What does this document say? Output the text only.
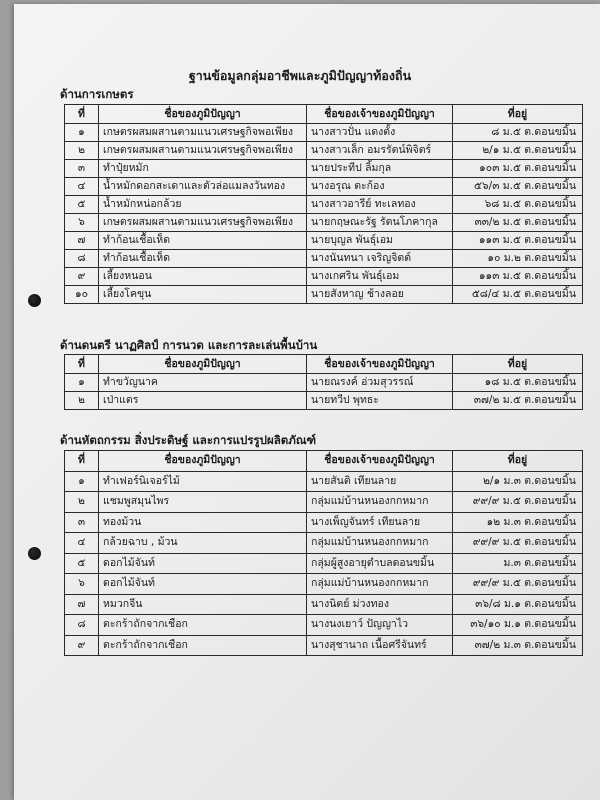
ฐานข้อมูลกลุ่มอาชีพและภูมิปัญญาท้องถิ่น
ด้านการเกษตร
ที่	ชื่อของภูมิปัญญา	ชื่อของเจ้าของภูมิปัญญา	ที่อยู่
๑	เกษตรผสมผสานตามแนวเศรษฐกิจพอเพียง	นางสาวปั่น แดงตั้ง	๘ ม.๕ ต.ดอนขมิ้น
๒	เกษตรผสมผสานตามแนวเศรษฐกิจพอเพียง	นางสาวเล็ก อมรรัตน์พิจิตร์	๒/๑ ม.๕ ต.ดอนขมิ้น
๓	ทำปุ๋ยหมัก	นายประทีป ลิ้มกุล	๑๐๓ ม.๕ ต.ดอนขมิ้น
๔	น้ำหมักดอกสะเดาและตัวล่อแมลงวันทอง	นางอรุณ ตะก้อง	๕๖/๓ ม.๕ ต.ดอนขมิ้น
๕	น้ำหมักหน่อกล้วย	นางสาวอารีย์ ทะเลทอง	๖๘ ม.๕ ต.ดอนขมิ้น
๖	เกษตรผสมผสานตามแนวเศรษฐกิจพอเพียง	นายกฤษณะรัฐ รัตนโภคากุล	๓๓/๒ ม.๕ ต.ดอนขมิ้น
๗	ทำก้อนเชื้อเห็ด	นายบุญล พันธุ์เอม	๑๑๓ ม.๕ ต.ดอนขมิ้น
๘	ทำก้อนเชื้อเห็ด	นางนันทนา เจริญจิตต์	๑๐ ม.๒ ต.ดอนขมิ้น
๙	เลี้ยงหนอน	นางเกศริน พันธุ์เอม	๑๑๓ ม.๕ ต.ดอนขมิ้น
๑๐	เลี้ยงโคขุน	นายสังหาญ ช้างลอย	๕๘/๔ ม.๕ ต.ดอนขมิ้น
ด้านดนตรี นาฏศิลป์ การนวด และการละเล่นพื้นบ้าน
ที่	ชื่อของภูมิปัญญา	ชื่อของเจ้าของภูมิปัญญา	ที่อยู่
๑	ทำขวัญนาค	นายณรงค์ อ่วมสุวรรณ์	๑๘ ม.๕ ต.ดอนขมิ้น
๒	เป่าแตร	นายทวีป พุทธะ	๓๗/๒ ม.๕ ต.ดอนขมิ้น
ด้านหัตถกรรม สิ่งประดิษฐ์ และการแปรรูปผลิตภัณฑ์
ที่	ชื่อของภูมิปัญญา	ชื่อของเจ้าของภูมิปัญญา	ที่อยู่
๑	ทำเฟอร์นิเจอร์ไม้	นายสันติ เทียนลาย	๒/๑ ม.๓ ต.ดอนขมิ้น
๒	แชมพูสมุนไพร	กลุ่มแม่บ้านหนองกกหมาก	๙๙/๙ ม.๕ ต.ดอนขมิ้น
๓	ทองม้วน	นางเพ็ญจันทร์ เทียนลาย	๑๒ ม.๓ ต.ดอนขมิ้น
๔	กล้วยฉาบ , ม้วน	กลุ่มแม่บ้านหนองกกหมาก	๙๙/๙ ม.๕ ต.ดอนขมิ้น
๕	ดอกไม้จันท์	กลุ่มผู้สูงอายุตำบลดอนขมิ้น	ม.๓ ต.ดอนขมิ้น
๖	ดอกไม้จันท์	กลุ่มแม่บ้านหนองกกหมาก	๙๙/๙ ม.๕ ต.ดอนขมิ้น
๗	หมวกจีน	นางนิตย์ ม่วงทอง	๓๖/๘ ม.๑ ต.ดอนขมิ้น
๘	ตะกร้าถักจากเชือก	นางนงเยาว์ ปัญญาไว	๓๖/๑๐ ม.๑ ต.ดอนขมิ้น
๙	ตะกร้าถักจากเชือก	นางสุชานาถ เนื้อศรีจันทร์	๓๗/๒ ม.๓ ต.ดอนขมิ้น
